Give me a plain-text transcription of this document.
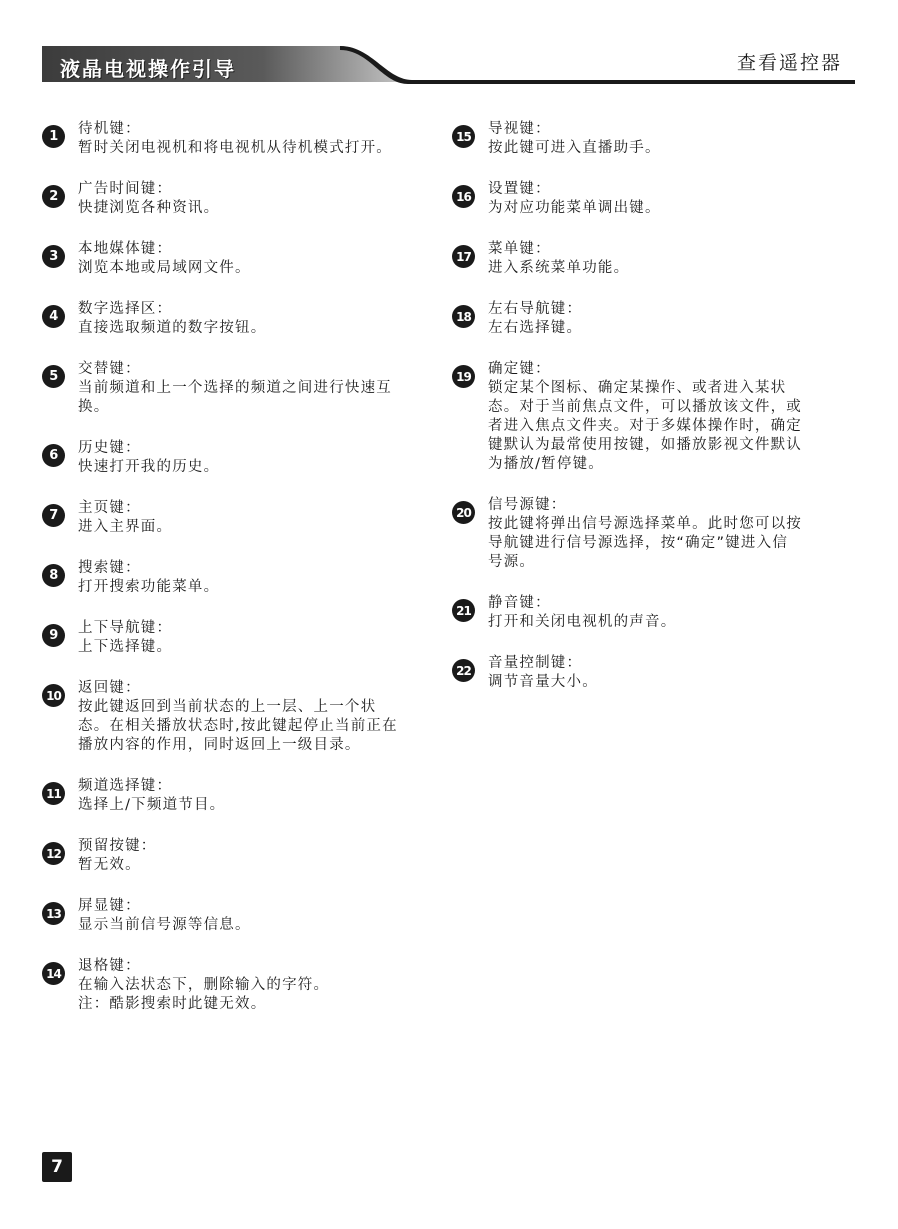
液晶电视操作引导	查看遥控器
1	待机键：
暂时关闭电视机和将电视机从待机模式打开。
2	广告时间键：
快捷浏览各种资讯。
3	本地媒体键：
浏览本地或局域网文件。
4	数字选择区：
直接选取频道的数字按钮。
5	交替键：
当前频道和上一个选择的频道之间进行快速互
换。
6	历史键：
快速打开我的历史。
7	主页键：
进入主界面。
8	搜索键：
打开搜索功能菜单。
9	上下导航键：
上下选择键。
10 返回键：
按此键返回到当前状态的上一层、上一个状
态。在相关播放状态时,按此键起停止当前正在
播放内容的作用，同时返回上一级目录。
11 频道选择键：
选择上/下频道节目。
12 预留按键：
暂无效。
13 屏显键：
显示当前信号源等信息。
14 退格键：
在输入法状态下，删除输入的字符。
注：酷影搜索时此键无效。
15 导视键：
按此键可进入直播助手。
16 设置键：
为对应功能菜单调出键。
17 菜单键：
进入系统菜单功能。
18 左右导航键：
左右选择键。
19 确定键：
锁定某个图标、确定某操作、或者进入某状
态。对于当前焦点文件，可以播放该文件，或
者进入焦点文件夹。对于多媒体操作时，确定
键默认为最常使用按键，如播放影视文件默认
为播放/暂停键。
20 信号源键：
按此键将弹出信号源选择菜单。此时您可以按
导航键进行信号源选择，按“确定”键进入信
号源。
21 静音键：
打开和关闭电视机的声音。
22 音量控制键：
调节音量大小。
7
